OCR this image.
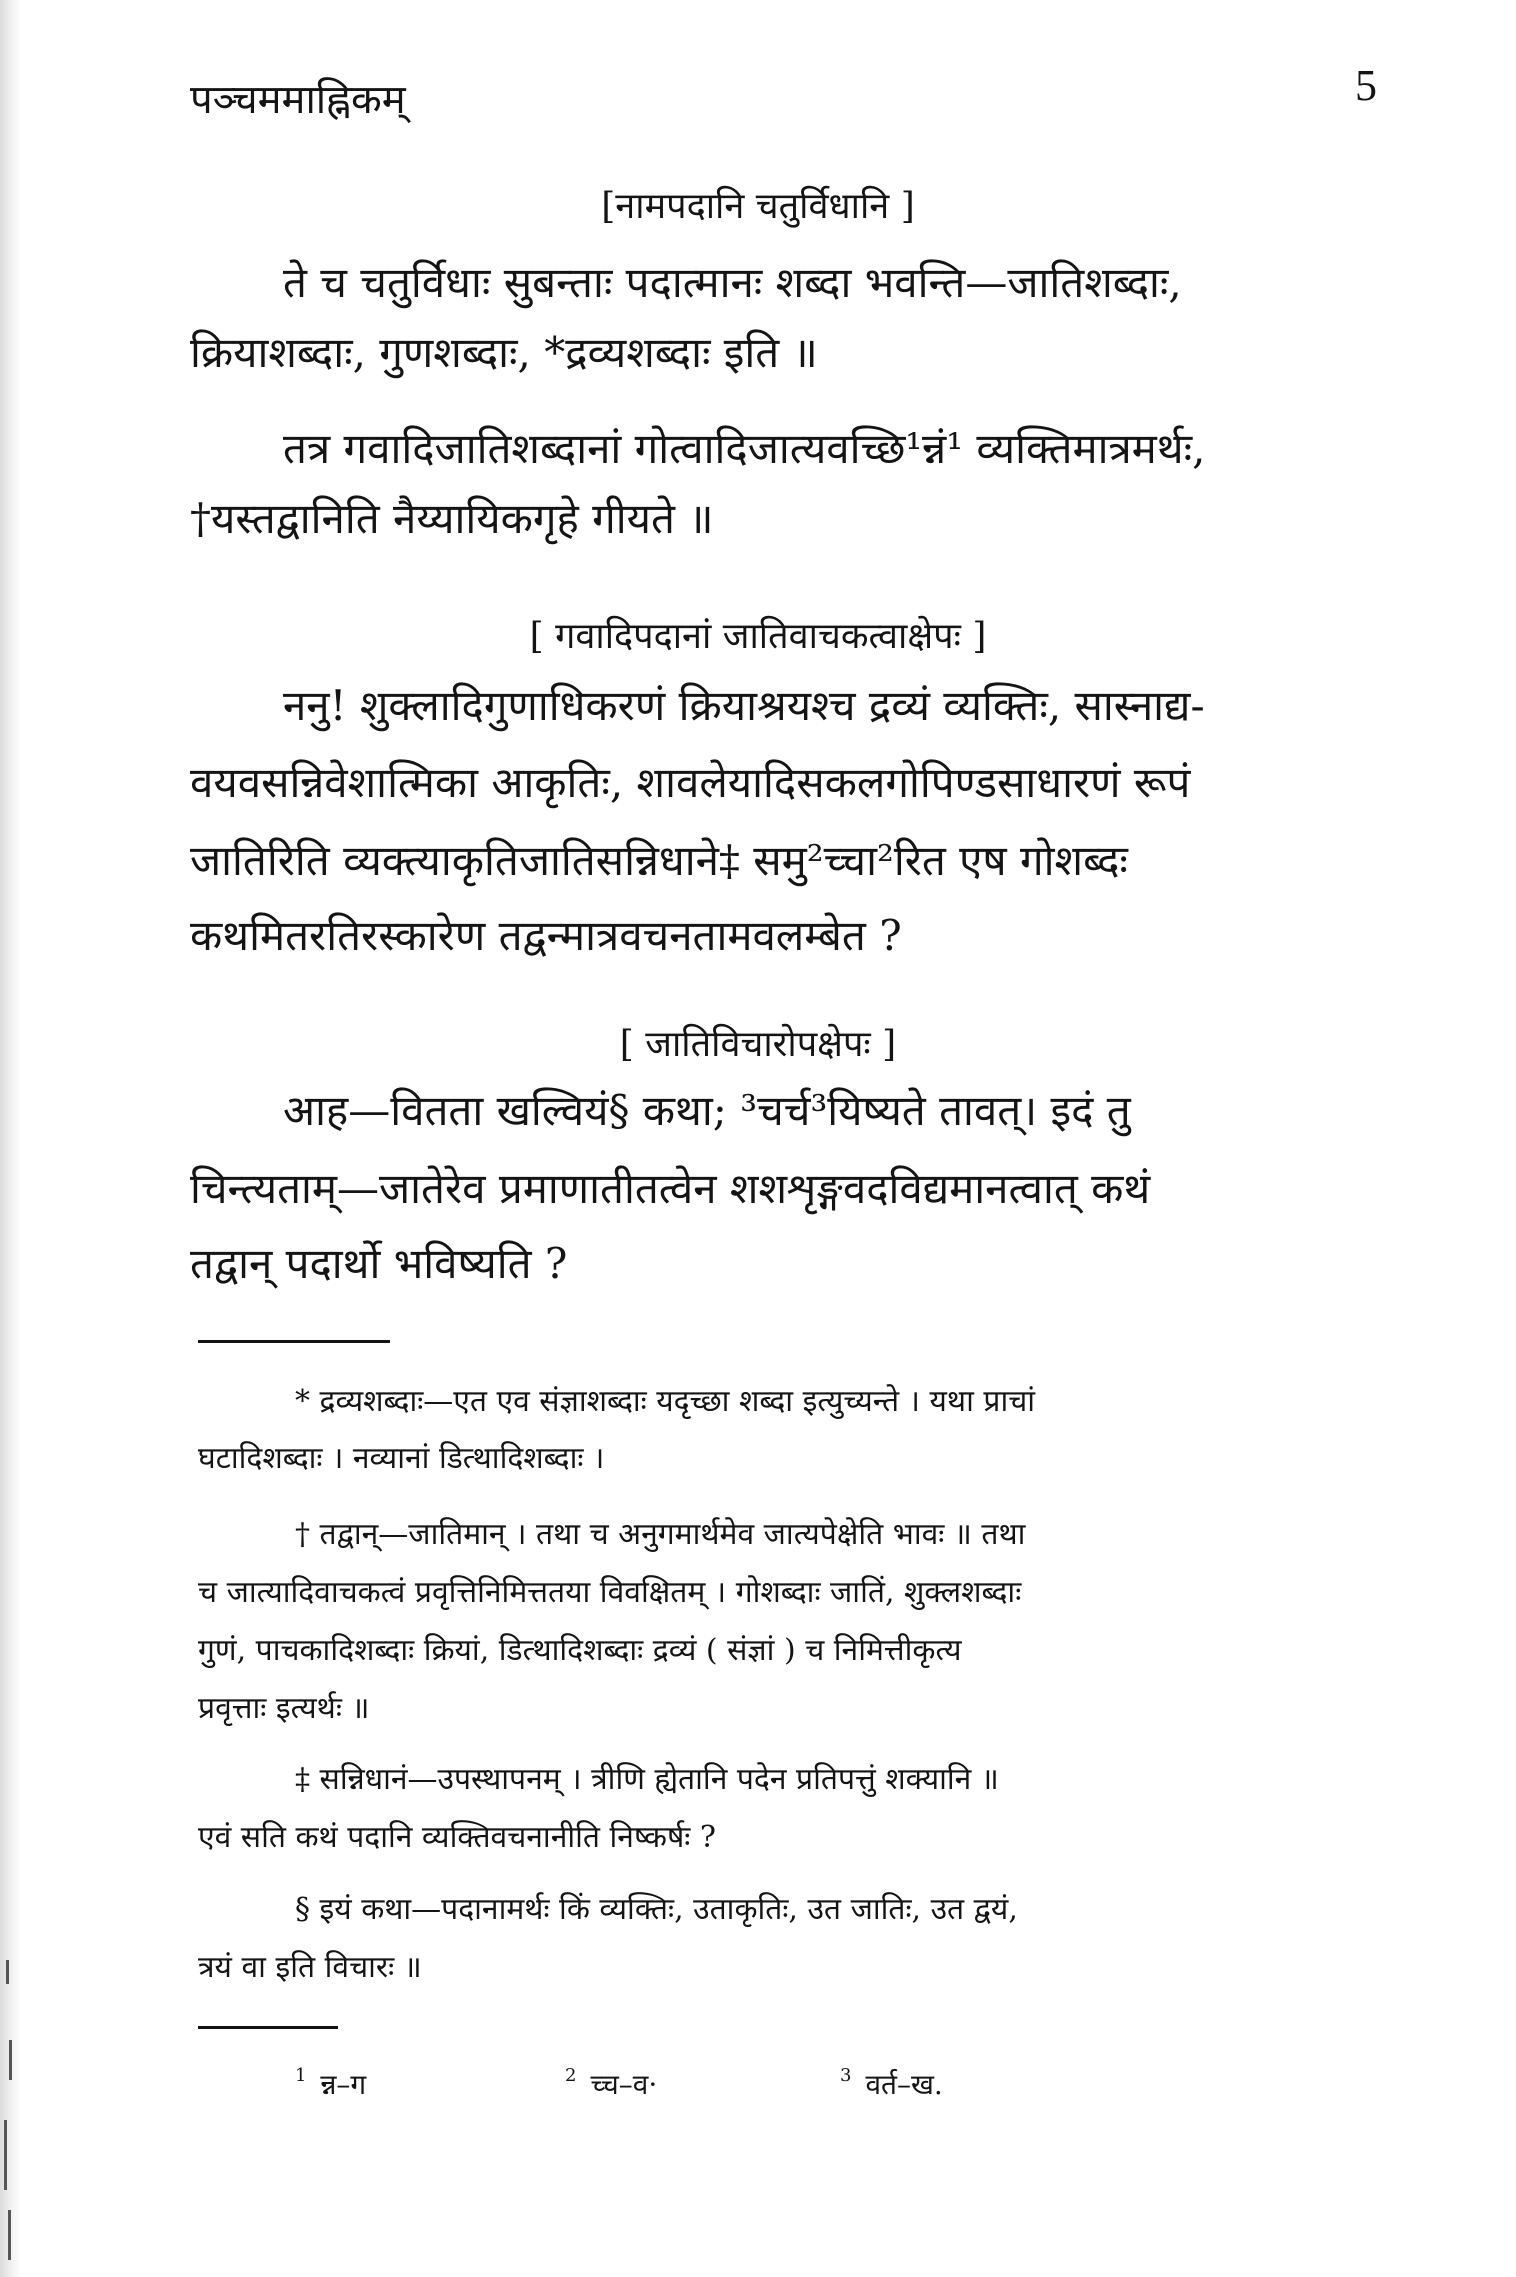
पञ्चममाह्निकम्	5
[नामपदानि चतुर्विधानि ]
ते च चतुर्विधाः सुबन्ताः पदात्मानः शब्दा भवन्ति—जातिशब्दाः,
क्रियाशब्दाः, गुणशब्दाः, *द्रव्यशब्दाः इति ॥
तत्र गवादिजातिशब्दानां गोत्वादिजात्यवच्छि¹न्नं¹ व्यक्तिमात्रमर्थः,
†यस्तद्वानिति नैय्यायिकगृहे गीयते ॥
[ गवादिपदानां जातिवाचकत्वाक्षेपः ]
ननु! शुक्लादिगुणाधिकरणं क्रियाश्रयश्च द्रव्यं व्यक्तिः, सास्नाद्य-
वयवसन्निवेशात्मिका आकृतिः, शावलेयादिसकलगोपिण्डसाधारणं रूपं
जातिरिति व्यक्त्याकृतिजातिसन्निधाने‡ समु²च्चा²रित एष गोशब्दः
कथमितरतिरस्कारेण तद्वन्मात्रवचनतामवलम्बेत ?
[ जातिविचारोपक्षेपः ]
आह—वितता खल्वियं§ कथा; ³चर्च³यिष्यते तावत्। इदं तु
चिन्त्यताम्—जातेरेव प्रमाणातीतत्वेन शशशृङ्गवदविद्यमानत्वात् कथं
तद्वान् पदार्थो भविष्यति ?
* द्रव्यशब्दाः—एत एव संज्ञाशब्दाः यदृच्छा शब्दा इत्युच्यन्ते । यथा प्राचां
घटादिशब्दाः । नव्यानां डित्थादिशब्दाः ।
† तद्वान्—जातिमान् । तथा च अनुगमार्थमेव जात्यपेक्षेति भावः ॥ तथा
च जात्यादिवाचकत्वं प्रवृत्तिनिमित्ततया विवक्षितम् । गोशब्दाः जातिं, शुक्लशब्दाः
गुणं, पाचकादिशब्दाः क्रियां, डित्थादिशब्दाः द्रव्यं ( संज्ञां ) च निमित्तीकृत्य
प्रवृत्ताः इत्यर्थः ॥
‡ सन्निधानं—उपस्थापनम् । त्रीणि ह्येतानि पदेन प्रतिपत्तुं शक्यानि ॥
एवं सति कथं पदानि व्यक्तिवचनानीति निष्कर्षः ?
§ इयं कथा—पदानामर्थः किं व्यक्तिः, उताकृतिः, उत जातिः, उत द्वयं,
त्रयं वा इति विचारः ॥
$^1$ न्न–ग	$^2$ च्च–व·	$^3$ वर्त–ख.
